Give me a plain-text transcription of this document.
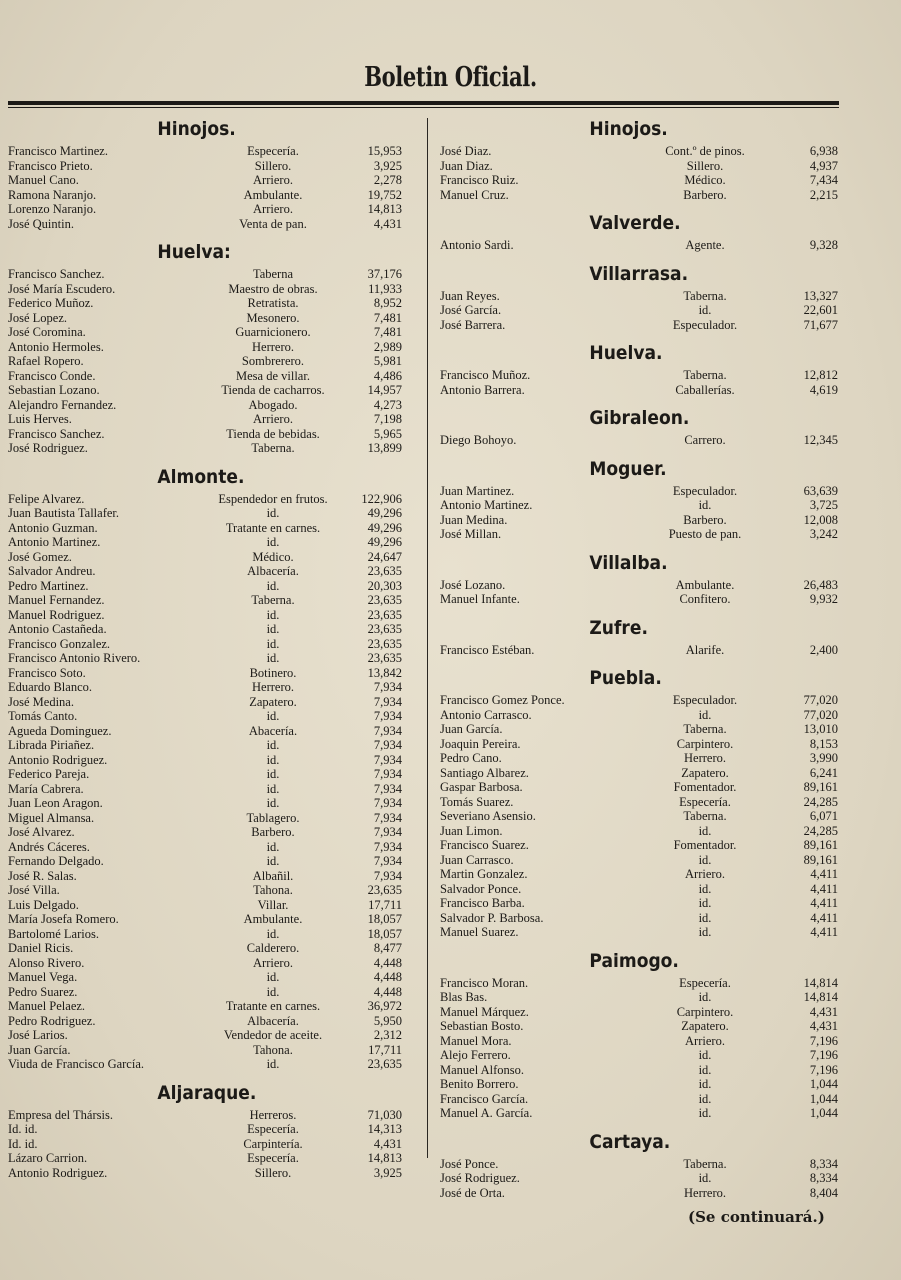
Boletin Oficial.
Hinojos.
Francisco Martinez.	Especería.	15,953
Francisco Prieto.	Sillero.	3,925
Manuel Cano.	Arriero.	2,278
Ramona Naranjo.	Ambulante.	19,752
Lorenzo Naranjo.	Arriero.	14,813
José Quintin.	Venta de pan.	4,431
Huelva:
Francisco Sanchez.	Taberna	37,176
José María Escudero.	Maestro de obras.	11,933
Federico Muñoz.	Retratista.	8,952
José Lopez.	Mesonero.	7,481
José Coromina.	Guarnicionero.	7,481
Antonio Hermoles.	Herrero.	2,989
Rafael Ropero.	Sombrerero.	5,981
Francisco Conde.	Mesa de villar.	4,486
Sebastian Lozano.	Tienda de cacharros.	14,957
Alejandro Fernandez.	Abogado.	4,273
Luis Herves.	Arriero.	7,198
Francisco Sanchez.	Tienda de bebidas.	5,965
José Rodriguez.	Taberna.	13,899
Almonte.
Felipe Alvarez.	Espendedor en frutos.	122,906
Juan Bautista Tallafer.	id.	49,296
Antonio Guzman.	Tratante en carnes.	49,296
Antonio Martinez.	id.	49,296
José Gomez.	Médico.	24,647
Salvador Andreu.	Albacería.	23,635
Pedro Martinez.	id.	20,303
Manuel Fernandez.	Taberna.	23,635
Manuel Rodriguez.	id.	23,635
Antonio Castañeda.	id.	23,635
Francisco Gonzalez.	id.	23,635
Francisco Antonio Rivero.	id.	23,635
Francisco Soto.	Botinero.	13,842
Eduardo Blanco.	Herrero.	7,934
José Medina.	Zapatero.	7,934
Tomás Canto.	id.	7,934
Agueda Dominguez.	Abacería.	7,934
Librada Piriañez.	id.	7,934
Antonio Rodriguez.	id.	7,934
Federico Pareja.	id.	7,934
María Cabrera.	id.	7,934
Juan Leon Aragon.	id.	7,934
Miguel Almansa.	Tablagero.	7,934
José Alvarez.	Barbero.	7,934
Andrés Cáceres.	id.	7,934
Fernando Delgado.	id.	7,934
José R. Salas.	Albañil.	7,934
José Villa.	Tahona.	23,635
Luis Delgado.	Villar.	17,711
María Josefa Romero.	Ambulante.	18,057
Bartolomé Larios.	id.	18,057
Daniel Ricis.	Calderero.	8,477
Alonso Rivero.	Arriero.	4,448
Manuel Vega.	id.	4,448
Pedro Suarez.	id.	4,448
Manuel Pelaez.	Tratante en carnes.	36,972
Pedro Rodriguez.	Albacería.	5,950
José Larios.	Vendedor de aceite.	2,312
Juan García.	Tahona.	17,711
Viuda de Francisco García.	id.	23,635
Aljaraque.
Empresa del Thársis.	Herreros.	71,030
Id. id.	Especería.	14,313
Id. id.	Carpintería.	4,431
Lázaro Carrion.	Especería.	14,813
Antonio Rodriguez.	Sillero.	3,925
Hinojos.
José Diaz.	Cont.º de pinos.	6,938
Juan Diaz.	Sillero.	4,937
Francisco Ruiz.	Médico.	7,434
Manuel Cruz.	Barbero.	2,215
Valverde.
Antonio Sardi.	Agente.	9,328
Villarrasa.
Juan Reyes.	Taberna.	13,327
José García.	id.	22,601
José Barrera.	Especulador.	71,677
Huelva.
Francisco Muñoz.	Taberna.	12,812
Antonio Barrera.	Caballerías.	4,619
Gibraleon.
Diego Bohoyo.	Carrero.	12,345
Moguer.
Juan Martinez.	Especulador.	63,639
Antonio Martinez.	id.	3,725
Juan Medina.	Barbero.	12,008
José Millan.	Puesto de pan.	3,242
Villalba.
José Lozano.	Ambulante.	26,483
Manuel Infante.	Confitero.	9,932
Zufre.
Francisco Estéban.	Alarife.	2,400
Puebla.
Francisco Gomez Ponce.	Especulador.	77,020
Antonio Carrasco.	id.	77,020
Juan García.	Taberna.	13,010
Joaquin Pereira.	Carpintero.	8,153
Pedro Cano.	Herrero.	3,990
Santiago Albarez.	Zapatero.	6,241
Gaspar Barbosa.	Fomentador.	89,161
Tomás Suarez.	Especería.	24,285
Severiano Asensio.	Taberna.	6,071
Juan Limon.	id.	24,285
Francisco Suarez.	Fomentador.	89,161
Juan Carrasco.	id.	89,161
Martin Gonzalez.	Arriero.	4,411
Salvador Ponce.	id.	4,411
Francisco Barba.	id.	4,411
Salvador P. Barbosa.	id.	4,411
Manuel Suarez.	id.	4,411
Paimogo.
Francisco Moran.	Especería.	14,814
Blas Bas.	id.	14,814
Manuel Márquez.	Carpintero.	4,431
Sebastian Bosto.	Zapatero.	4,431
Manuel Mora.	Arriero.	7,196
Alejo Ferrero.	id.	7,196
Manuel Alfonso.	id.	7,196
Benito Borrero.	id.	1,044
Francisco García.	id.	1,044
Manuel A. García.	id.	1,044
Cartaya.
José Ponce.	Taberna.	8,334
José Rodriguez.	id.	8,334
José de Orta.	Herrero.	8,404
(Se continuará.)
